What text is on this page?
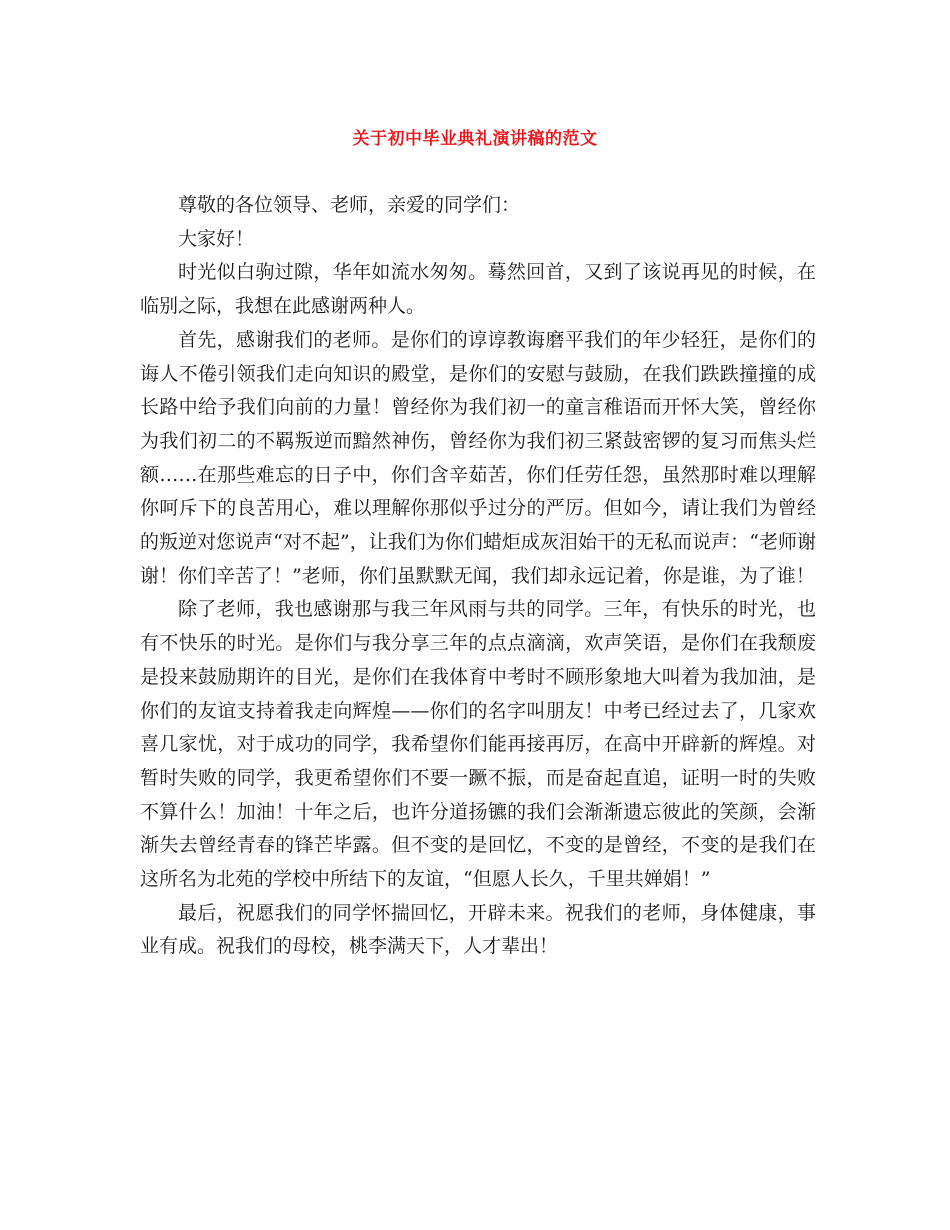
关于初中毕业典礼演讲稿的范文

尊敬的各位领导、老师，亲爱的同学们：

大家好！

时光似白驹过隙，华年如流水匆匆。蓦然回首，又到了该说再见的时候，在临别之际，我想在此感谢两种人。

首先，感谢我们的老师。是你们的谆谆教诲磨平我们的年少轻狂，是你们的诲人不倦引领我们走向知识的殿堂，是你们的安慰与鼓励，在我们跌跌撞撞的成长路中给予我们向前的力量！曾经你为我们初一的童言稚语而开怀大笑，曾经你为我们初二的不羁叛逆而黯然神伤，曾经你为我们初三紧鼓密锣的复习而焦头烂额……在那些难忘的日子中，你们含辛茹苦，你们任劳任怨，虽然那时难以理解你呵斥下的良苦用心，难以理解你那似乎过分的严厉。但如今，请让我们为曾经的叛逆对您说声“对不起”，让我们为你们蜡炬成灰泪始干的无私而说声：“老师谢谢！你们辛苦了！”老师，你们虽默默无闻，我们却永远记着，你是谁，为了谁！

除了老师，我也感谢那与我三年风雨与共的同学。三年，有快乐的时光，也有不快乐的时光。是你们与我分享三年的点点滴滴，欢声笑语，是你们在我颓废是投来鼓励期许的目光，是你们在我体育中考时不顾形象地大叫着为我加油，是你们的友谊支持着我走向辉煌——你们的名字叫朋友！中考已经过去了，几家欢喜几家忧，对于成功的同学，我希望你们能再接再厉，在高中开辟新的辉煌。对暂时失败的同学，我更希望你们不要一蹶不振，而是奋起直追，证明一时的失败不算什么！加油！十年之后，也许分道扬镳的我们会渐渐遗忘彼此的笑颜，会渐渐失去曾经青春的锋芒毕露。但不变的是回忆，不变的是曾经，不变的是我们在这所名为北苑的学校中所结下的友谊，“但愿人长久，千里共婵娟！”

最后，祝愿我们的同学怀揣回忆，开辟未来。祝我们的老师，身体健康，事业有成。祝我们的母校，桃李满天下，人才辈出！
